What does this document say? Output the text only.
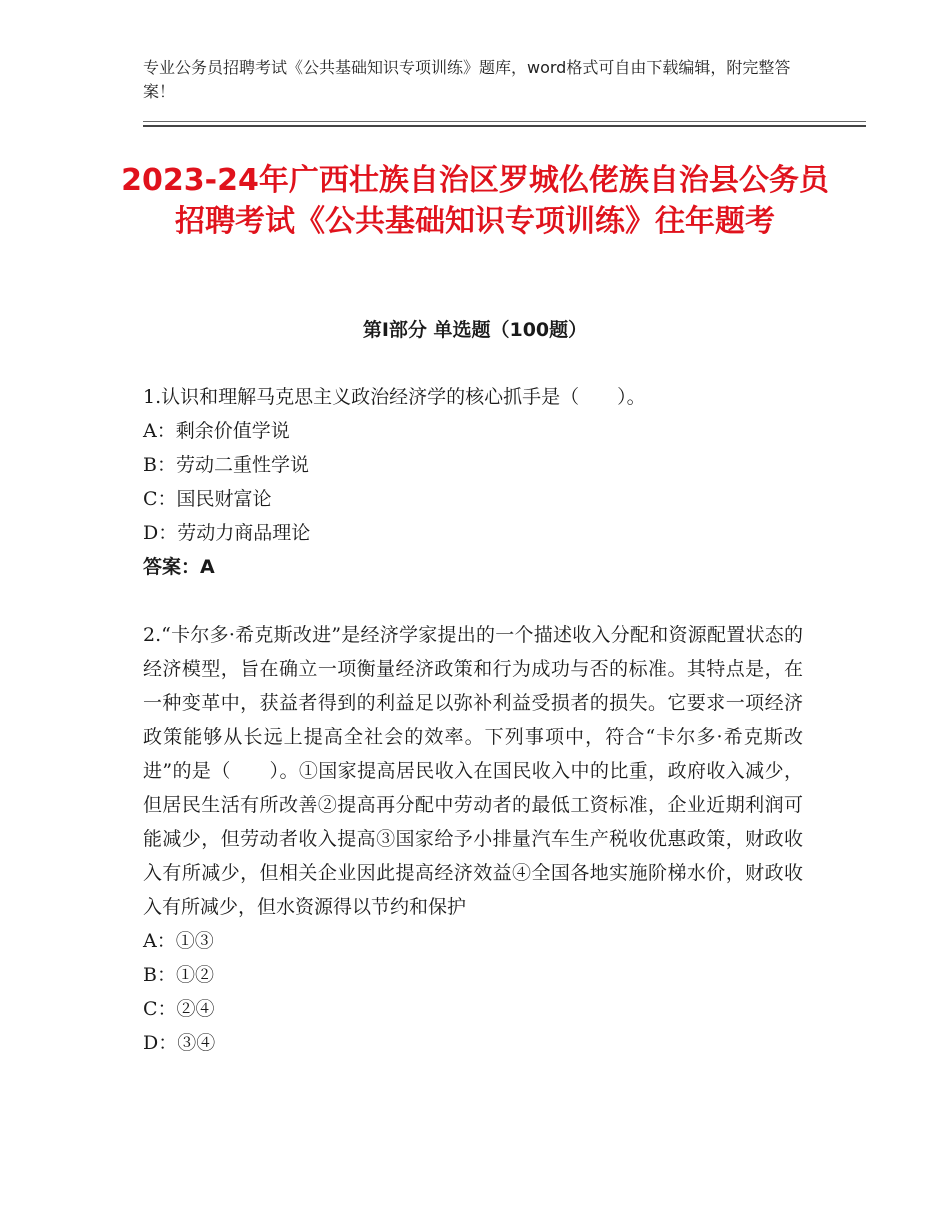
专业公务员招聘考试《公共基础知识专项训练》题库，word格式可自由下载编辑，附完整答案！
2023-24年广西壮族自治区罗城仫佬族自治县公务员招聘考试《公共基础知识专项训练》往年题考
第Ⅰ部分 单选题（100题）

1.认识和理解马克思主义政治经济学的核心抓手是（　　）。

A：剩余价值学说

B：劳动二重性学说

C：国民财富论

D：劳动力商品理论

答案：A

2.“卡尔多·希克斯改进”是经济学家提出的一个描述收入分配和资源配置状态的经济模型，旨在确立一项衡量经济政策和行为成功与否的标准。其特点是，在一种变革中，获益者得到的利益足以弥补利益受损者的损失。它要求一项经济政策能够从长远上提高全社会的效率。下列事项中，符合“卡尔多·希克斯改进”的是（　　）。①国家提高居民收入在国民收入中的比重，政府收入减少，但居民生活有所改善②提高再分配中劳动者的最低工资标准，企业近期利润可能减少，但劳动者收入提高③国家给予小排量汽车生产税收优惠政策，财政收入有所减少，但相关企业因此提高经济效益④全国各地实施阶梯水价，财政收入有所减少，但水资源得以节约和保护

A：①③

B：①②

C：②④

D：③④
